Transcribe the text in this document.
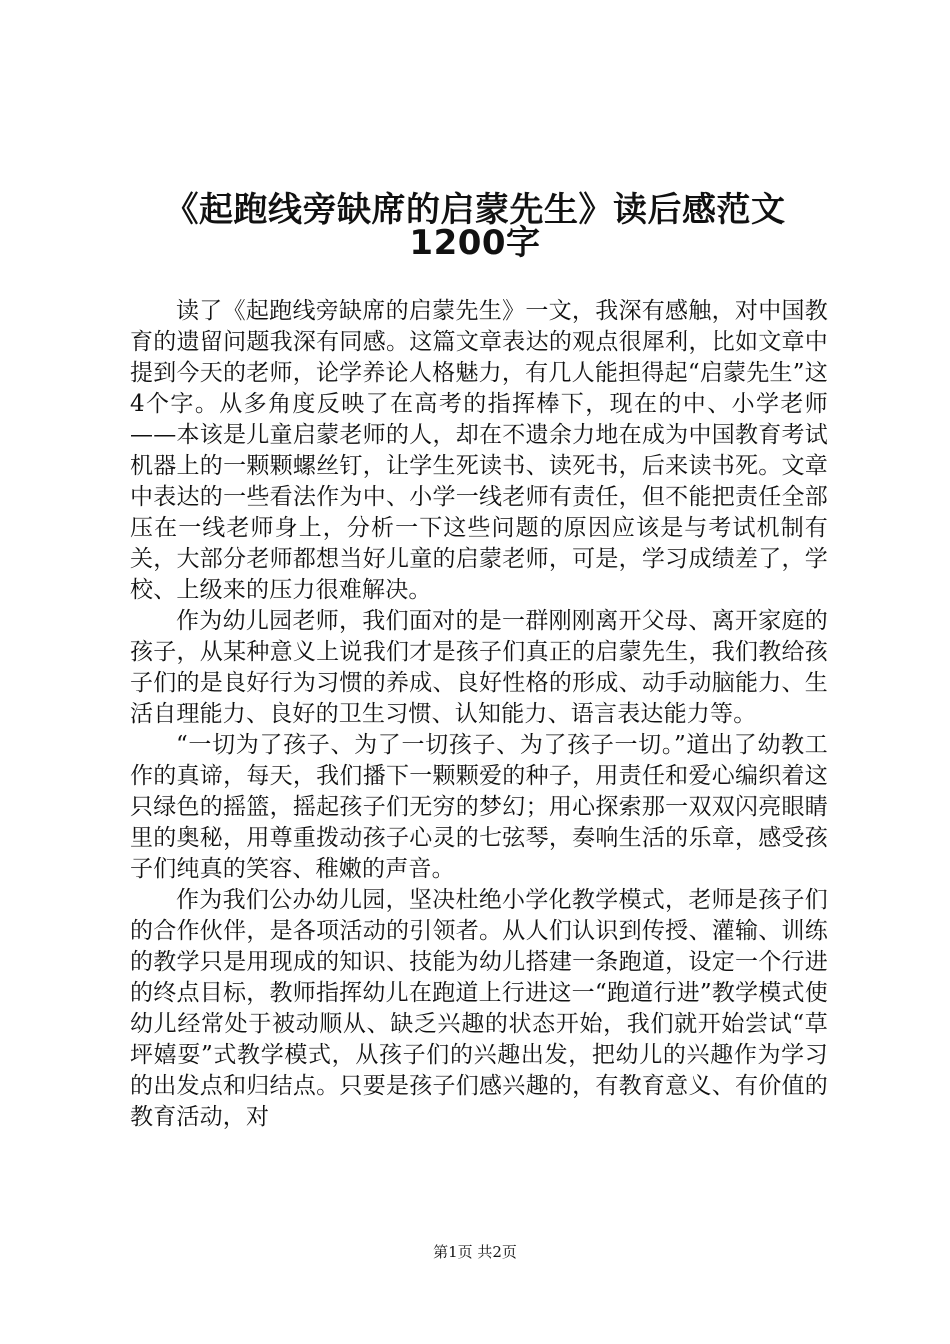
《起跑线旁缺席的启蒙先生》读后感范文
1200字

读了《起跑线旁缺席的启蒙先生》一文，我深有感触，对中国教育的遗留问题我深有同感。这篇文章表达的观点很犀利，比如文章中提到今天的老师，论学养论人格魅力，有几人能担得起“启蒙先生”这4个字。从多角度反映了在高考的指挥棒下，现在的中、小学老师——本该是儿童启蒙老师的人，却在不遗余力地在成为中国教育考试机器上的一颗颗螺丝钉，让学生死读书、读死书，后来读书死。文章中表达的一些看法作为中、小学一线老师有责任，但不能把责任全部压在一线老师身上，分析一下这些问题的原因应该是与考试机制有关，大部分老师都想当好儿童的启蒙老师，可是，学习成绩差了，学校、上级来的压力很难解决。

作为幼儿园老师，我们面对的是一群刚刚离开父母、离开家庭的孩子，从某种意义上说我们才是孩子们真正的启蒙先生，我们教给孩子们的是良好行为习惯的养成、良好性格的形成、动手动脑能力、生活自理能力、良好的卫生习惯、认知能力、语言表达能力等。

“一切为了孩子、为了一切孩子、为了孩子一切。”道出了幼教工作的真谛，每天，我们播下一颗颗爱的种子，用责任和爱心编织着这只绿色的摇篮，摇起孩子们无穷的梦幻；用心探索那一双双闪亮眼睛里的奥秘，用尊重拨动孩子心灵的七弦琴，奏响生活的乐章，感受孩子们纯真的笑容、稚嫩的声音。

作为我们公办幼儿园，坚决杜绝小学化教学模式，老师是孩子们的合作伙伴，是各项活动的引领者。从人们认识到传授、灌输、训练的教学只是用现成的知识、技能为幼儿搭建一条跑道，设定一个行进的终点目标，教师指挥幼儿在跑道上行进这一“跑道行进”教学模式使幼儿经常处于被动顺从、缺乏兴趣的状态开始，我们就开始尝试“草坪嬉耍”式教学模式，从孩子们的兴趣出发，把幼儿的兴趣作为学习的出发点和归结点。只要是孩子们感兴趣的，有教育意义、有价值的教育活动，对

第1页 共2页
